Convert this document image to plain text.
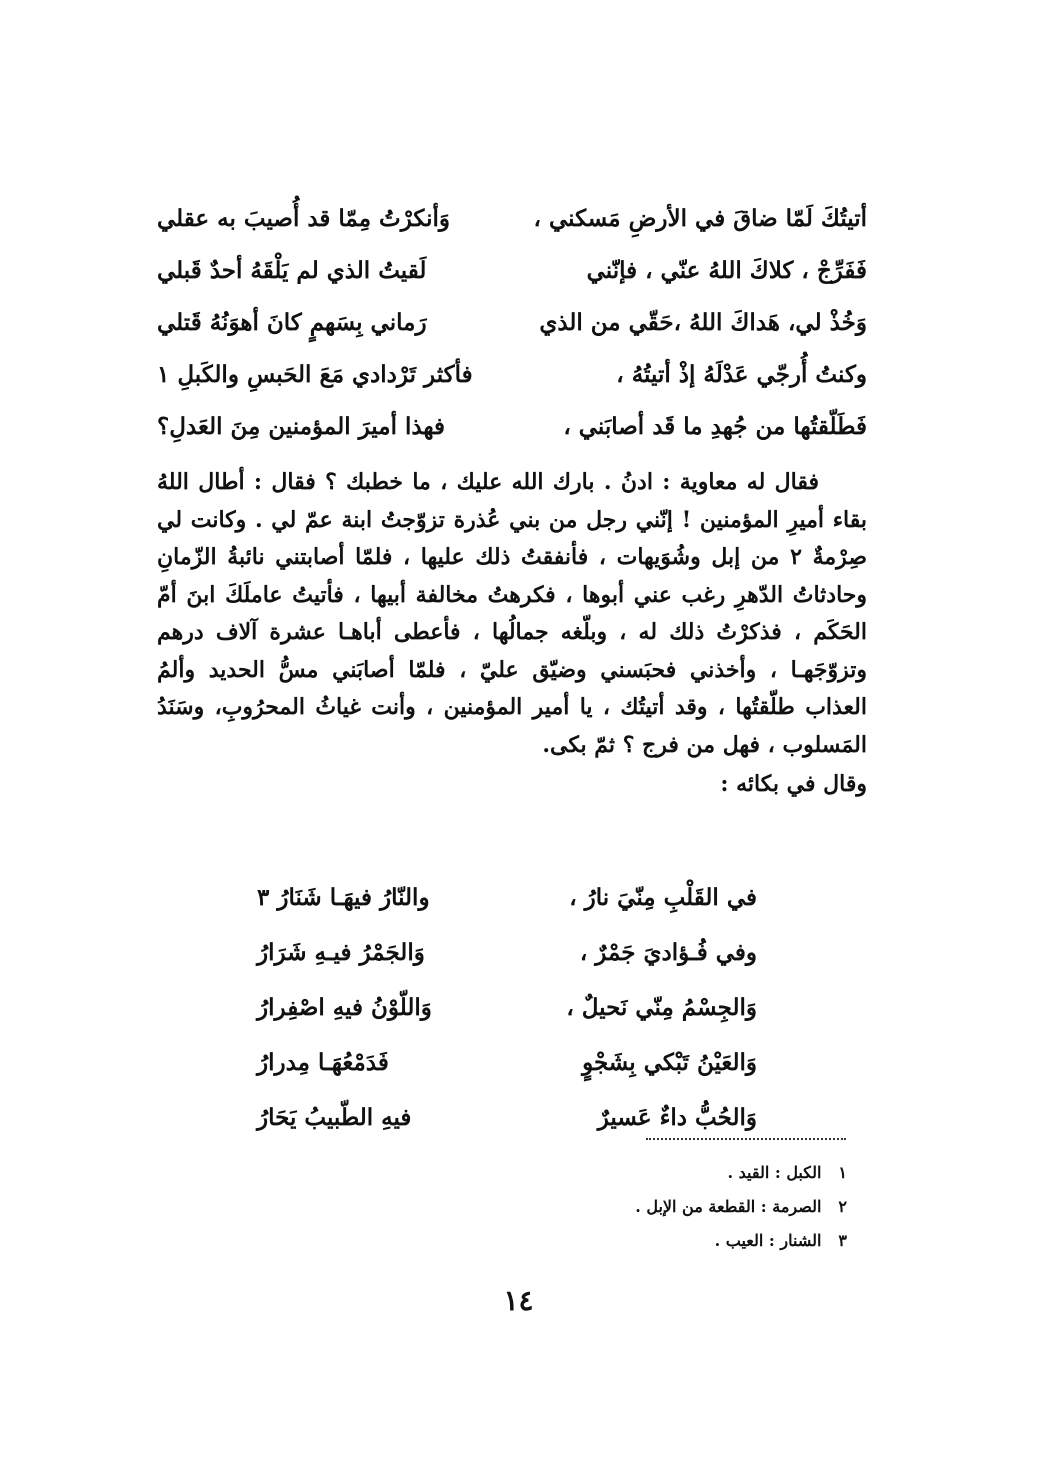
أتيتُكَ لَمّا ضاقَ في الأرضِ مَسكني ،
وَأنكرْتُ مِمّا قد أُصيبَ به عقلي
فَفَرِّجْ ، كلاكَ اللهُ عنّي ، فإنّني
لَقيتُ الذي لم يَلْقَهُ أحدٌ قَبلي
وَخُذْ لي، هَداكَ اللهُ ،حَقّي من الذي
رَماني بِسَهمٍ كانَ أهوَنُهُ قَتلي
وكنتُ أُرجّي عَدْلَهُ إذْ أتيتُهُ ،
فأكثر تَرْدادي مَعَ الحَبسِ والكَبلِ ١
فَطَلّقتُها من جُهدِ ما قَد أصابَني ،
فهذا أميرَ المؤمنين مِنَ العَدلِ؟

فقال له معاوية : ادنُ . بارك الله عليك ، ما خطبك ؟ فقال : أطال اللهُ بقاء أميرِ المؤمنين ! إنّني رجل من بني عُذرة تزوّجتُ ابنة عمّ لي . وكانت لي صِرْمةٌ ٢ من إبل وشُوَيهات ، فأنفقتُ ذلك عليها ، فلمّا أصابتني نائبةُ الزّمانِ وحادثاتُ الدّهرِ رغب عني أبوها ، فكرهتُ مخالفة أبيها ، فأتيتُ عاملَكَ ابنَ أمّ الحَكَم ، فذكرْتُ ذلك له ، وبلّغه جمالُها ، فأعطى أباهـا عشرة آلاف درهم وتزوّجَهـا ، وأخذني فحبَسني وضيّق عليّ ، فلمّا أصابَني مسُّ الحديد وألمُ العذاب طلّقتُها ، وقد أتيتُك ، يا أمير المؤمنين ، وأنت غياثُ المحرُوبِ، وسَنَدُ المَسلوب ، فهل من فرج ؟ ثمّ بكى.

وقال في بكائه :

في القَلْبِ مِنّيَ نارُ ،
والنّارُ فيهَـا شَنَارُ ٣
وفي فُـؤاديَ جَمْرٌ ،
وَالجَمْرُ فيـهِ شَرَارُ
وَالجِسْمُ مِنّي نَحيلٌ ،
وَاللّوْنُ فيهِ اصْفِرارُ
وَالعَيْنُ تَبْكي بِشَجْوٍ
فَدَمْعُهَـا مِدرارُ
وَالحُبُّ داءٌ عَسيرٌ
فيهِ الطّبيبُ يَحَارُ
١ الكبل : القيد .
٢ الصرمة : القطعة من الإبل .
٣ الشنار : العيب .
١٤
